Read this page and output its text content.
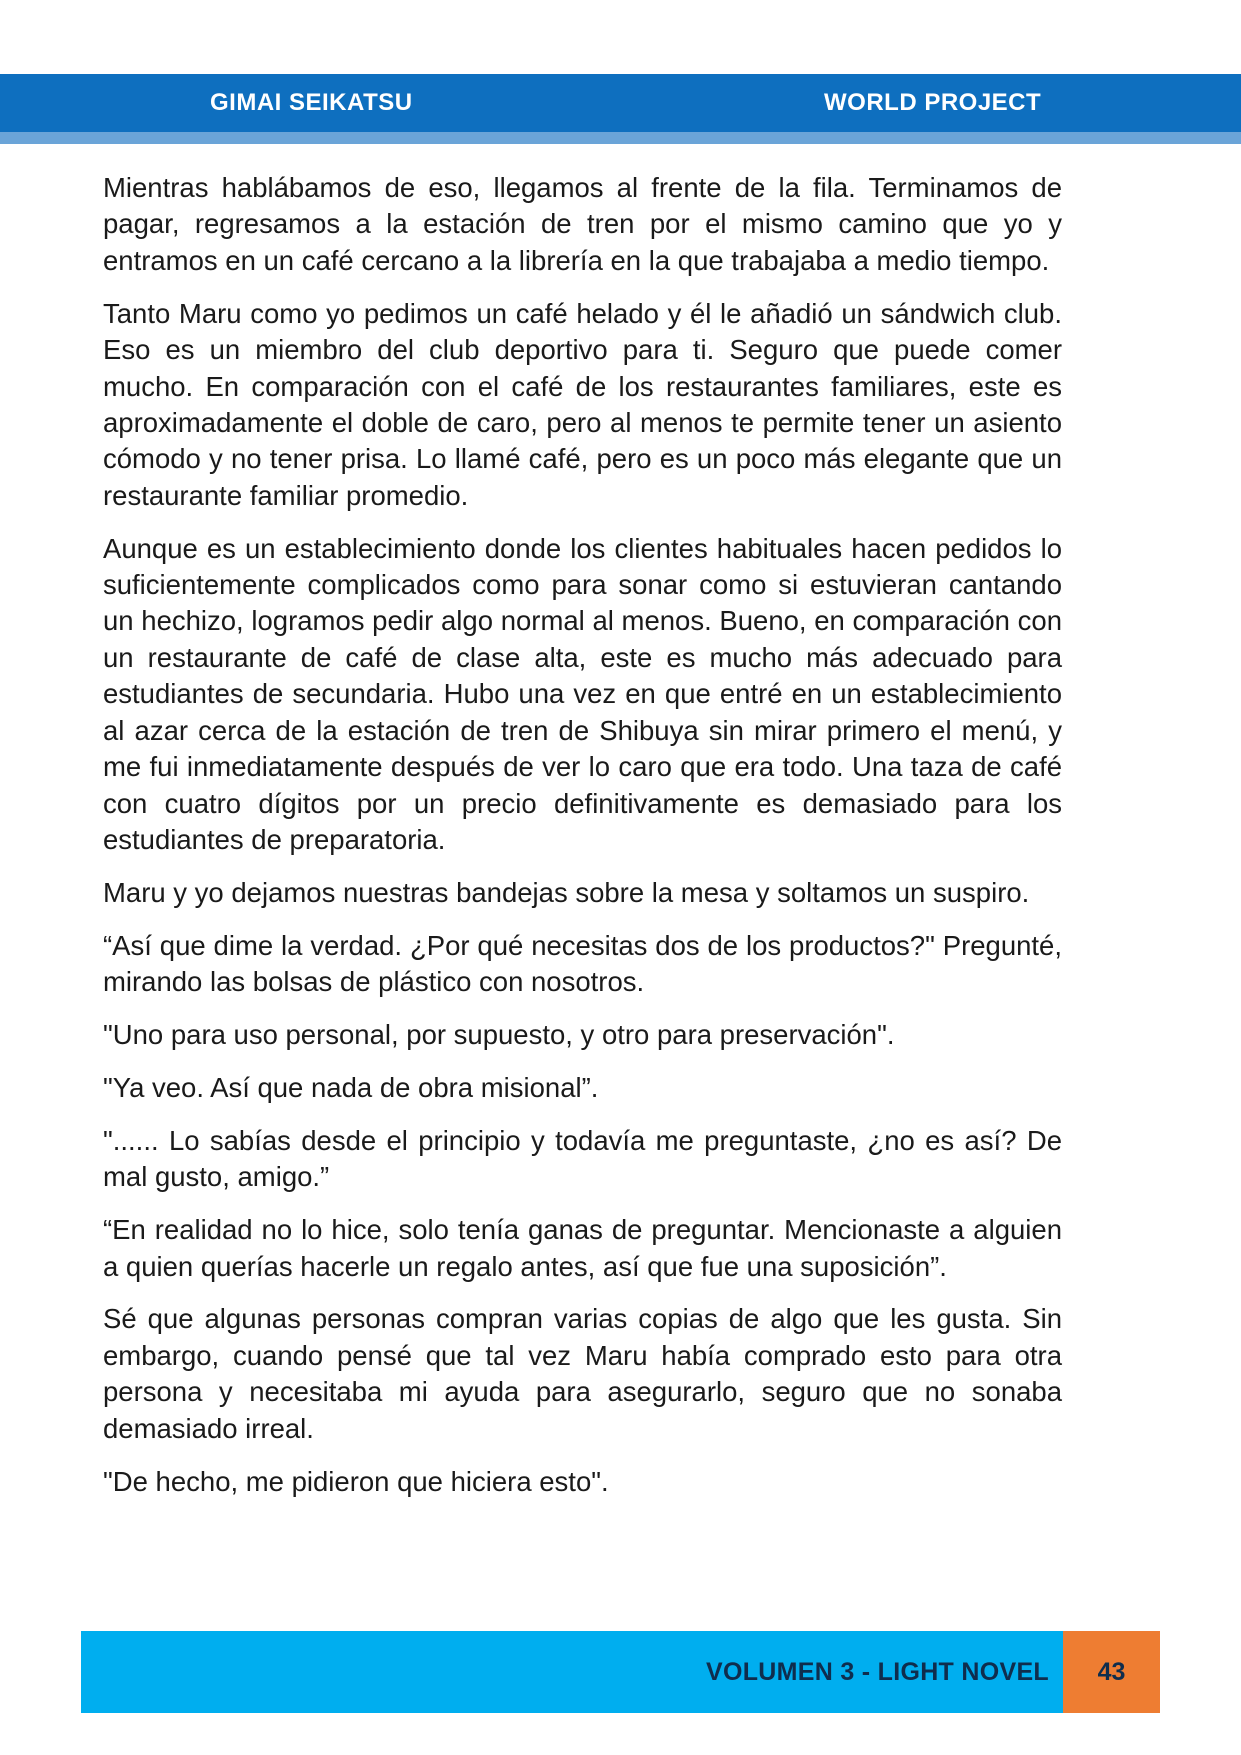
GIMAI SEIKATSU	WORLD PROJECT

Mientras hablábamos de eso, llegamos al frente de la fila. Terminamos de pagar, regresamos a la estación de tren por el mismo camino que yo y entramos en un café cercano a la librería en la que trabajaba a medio tiempo.

Tanto Maru como yo pedimos un café helado y él le añadió un sándwich club. Eso es un miembro del club deportivo para ti. Seguro que puede comer mucho. En comparación con el café de los restaurantes familiares, este es aproximadamente el doble de caro, pero al menos te permite tener un asiento cómodo y no tener prisa. Lo llamé café, pero es un poco más elegante que un restaurante familiar promedio.

Aunque es un establecimiento donde los clientes habituales hacen pedidos lo suficientemente complicados como para sonar como si estuvieran cantando un hechizo, logramos pedir algo normal al menos. Bueno, en comparación con un restaurante de café de clase alta, este es mucho más adecuado para estudiantes de secundaria. Hubo una vez en que entré en un establecimiento al azar cerca de la estación de tren de Shibuya sin mirar primero el menú, y me fui inmediatamente después de ver lo caro que era todo. Una taza de café con cuatro dígitos por un precio definitivamente es demasiado para los estudiantes de preparatoria.

Maru y yo dejamos nuestras bandejas sobre la mesa y soltamos un suspiro.

“Así que dime la verdad. ¿Por qué necesitas dos de los productos?" Pregunté, mirando las bolsas de plástico con nosotros.

"Uno para uso personal, por supuesto, y otro para preservación".

"Ya veo. Así que nada de obra misional”.

"...... Lo sabías desde el principio y todavía me preguntaste, ¿no es así? De mal gusto, amigo.”

“En realidad no lo hice, solo tenía ganas de preguntar. Mencionaste a alguien a quien querías hacerle un regalo antes, así que fue una suposición”.

Sé que algunas personas compran varias copias de algo que les gusta. Sin embargo, cuando pensé que tal vez Maru había comprado esto para otra persona y necesitaba mi ayuda para asegurarlo, seguro que no sonaba demasiado irreal.

"De hecho, me pidieron que hiciera esto".

VOLUMEN 3 - LIGHT NOVEL	43
